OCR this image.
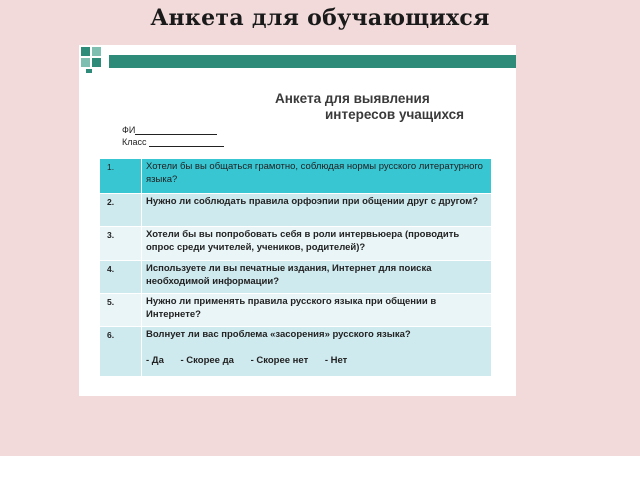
Анкета для обучающихся
Анкета для выявления
интересов учащихся
ФИ
Класс
1.	Хотели бы вы общаться грамотно, соблюдая нормы русского литературного языка?
2.	Нужно ли соблюдать правила орфоэпии при общении друг с другом?
3.	Хотели бы вы попробовать себя в роли интервьюера (проводить опрос среди учителей, учеников, родителей)?
4.	Используете ли вы печатные издания, Интернет для поиска необходимой информации?
5.	Нужно ли применять правила русского языка при общении в Интернете?
6.	Волнует ли вас проблема «засорения» русского языка?
- Да - Скорее да - Скорее нет - Нет
